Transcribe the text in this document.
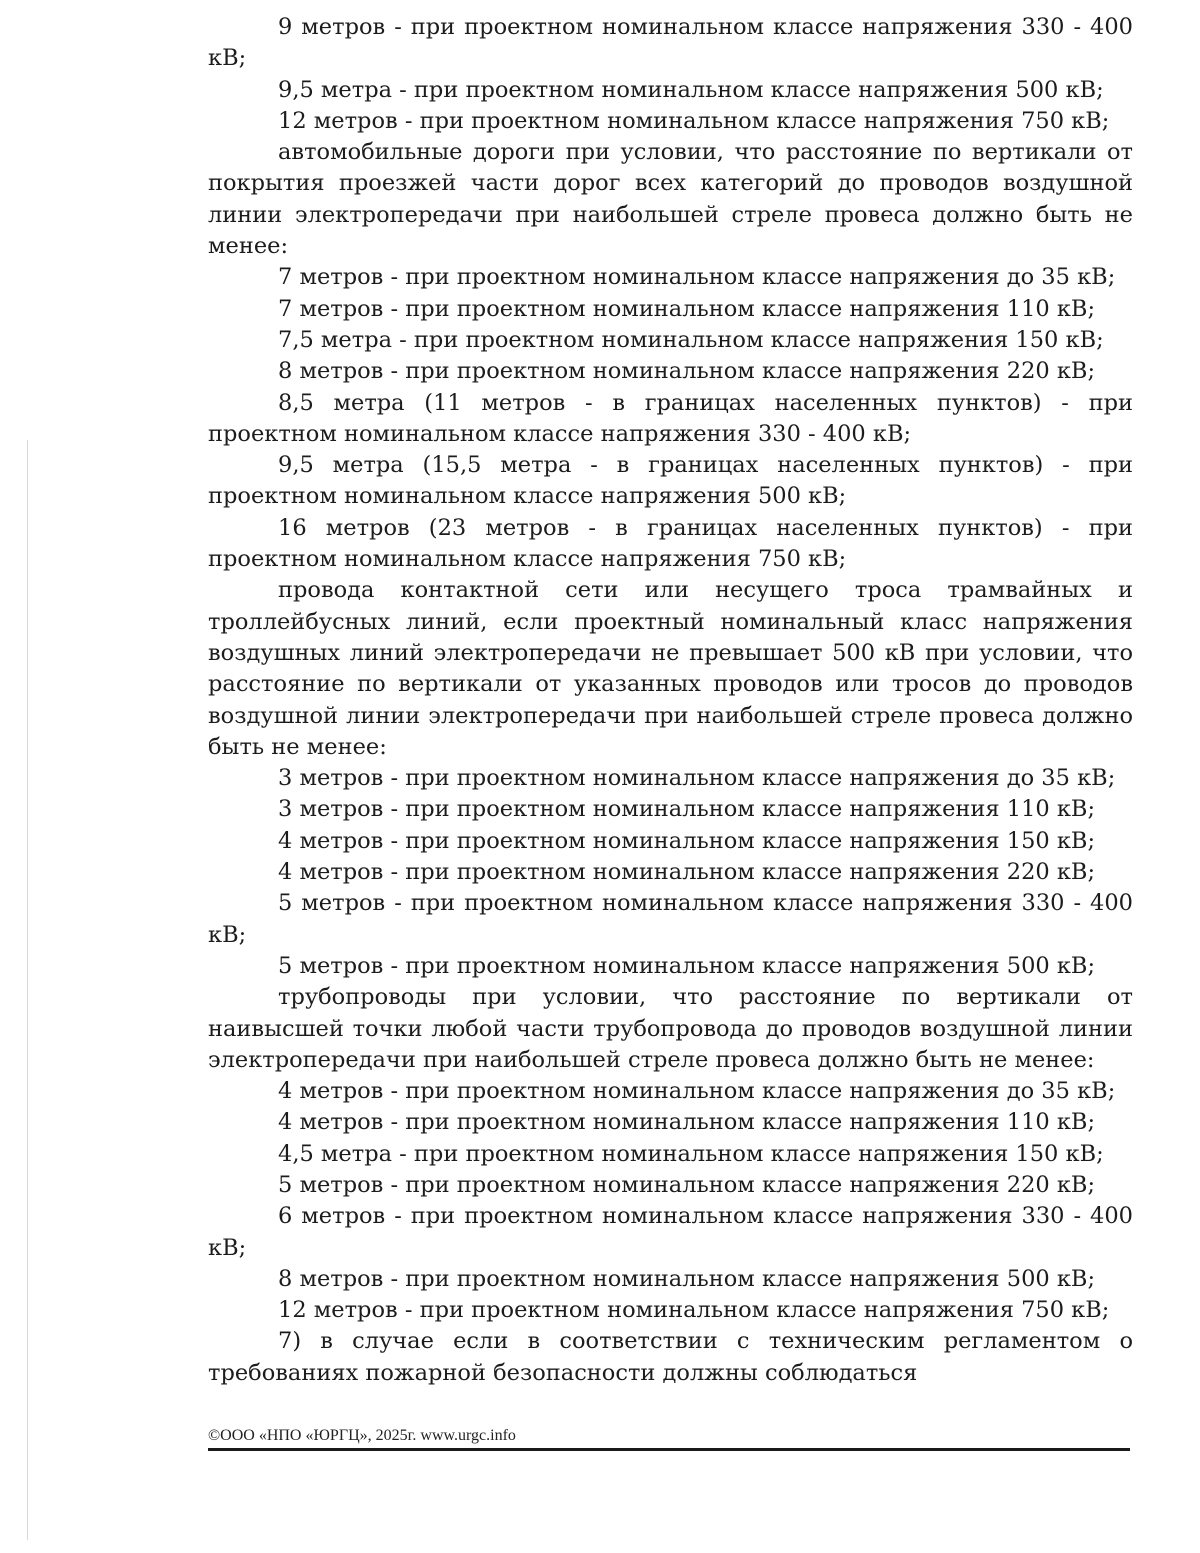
9 метров - при проектном номинальном классе напряжения 330 - 400 кВ;

9,5 метра - при проектном номинальном классе напряжения 500 кВ;

12 метров - при проектном номинальном классе напряжения 750 кВ;

автомобильные дороги при условии, что расстояние по вертикали от покрытия проезжей части дорог всех категорий до проводов воздушной линии электропередачи при наибольшей стреле провеса должно быть не менее:

7 метров - при проектном номинальном классе напряжения до 35 кВ;

7 метров - при проектном номинальном классе напряжения 110 кВ;

7,5 метра - при проектном номинальном классе напряжения 150 кВ;

8 метров - при проектном номинальном классе напряжения 220 кВ;

8,5 метра (11 метров - в границах населенных пунктов) - при проектном номинальном классе напряжения 330 - 400 кВ;

9,5 метра (15,5 метра - в границах населенных пунктов) - при проектном номинальном классе напряжения 500 кВ;

16 метров (23 метров - в границах населенных пунктов) - при проектном номинальном классе напряжения 750 кВ;

провода контактной сети или несущего троса трамвайных и троллейбусных линий, если проектный номинальный класс напряжения воздушных линий электропередачи не превышает 500 кВ при условии, что расстояние по вертикали от указанных проводов или тросов до проводов воздушной линии электропередачи при наибольшей стреле провеса должно быть не менее:

3 метров - при проектном номинальном классе напряжения до 35 кВ;

3 метров - при проектном номинальном классе напряжения 110 кВ;

4 метров - при проектном номинальном классе напряжения 150 кВ;

4 метров - при проектном номинальном классе напряжения 220 кВ;

5 метров - при проектном номинальном классе напряжения 330 - 400 кВ;

5 метров - при проектном номинальном классе напряжения 500 кВ;

трубопроводы при условии, что расстояние по вертикали от наивысшей точки любой части трубопровода до проводов воздушной линии электропередачи при наибольшей стреле провеса должно быть не менее:

4 метров - при проектном номинальном классе напряжения до 35 кВ;

4 метров - при проектном номинальном классе напряжения 110 кВ;

4,5 метра - при проектном номинальном классе напряжения 150 кВ;

5 метров - при проектном номинальном классе напряжения 220 кВ;

6 метров - при проектном номинальном классе напряжения 330 - 400 кВ;

8 метров - при проектном номинальном классе напряжения 500 кВ;

12 метров - при проектном номинальном классе напряжения 750 кВ;

7) в случае если в соответствии с техническим регламентом о требованиях пожарной безопасности должны соблюдаться

©ООО «НПО «ЮРГЦ», 2025г. www.urgc.info
